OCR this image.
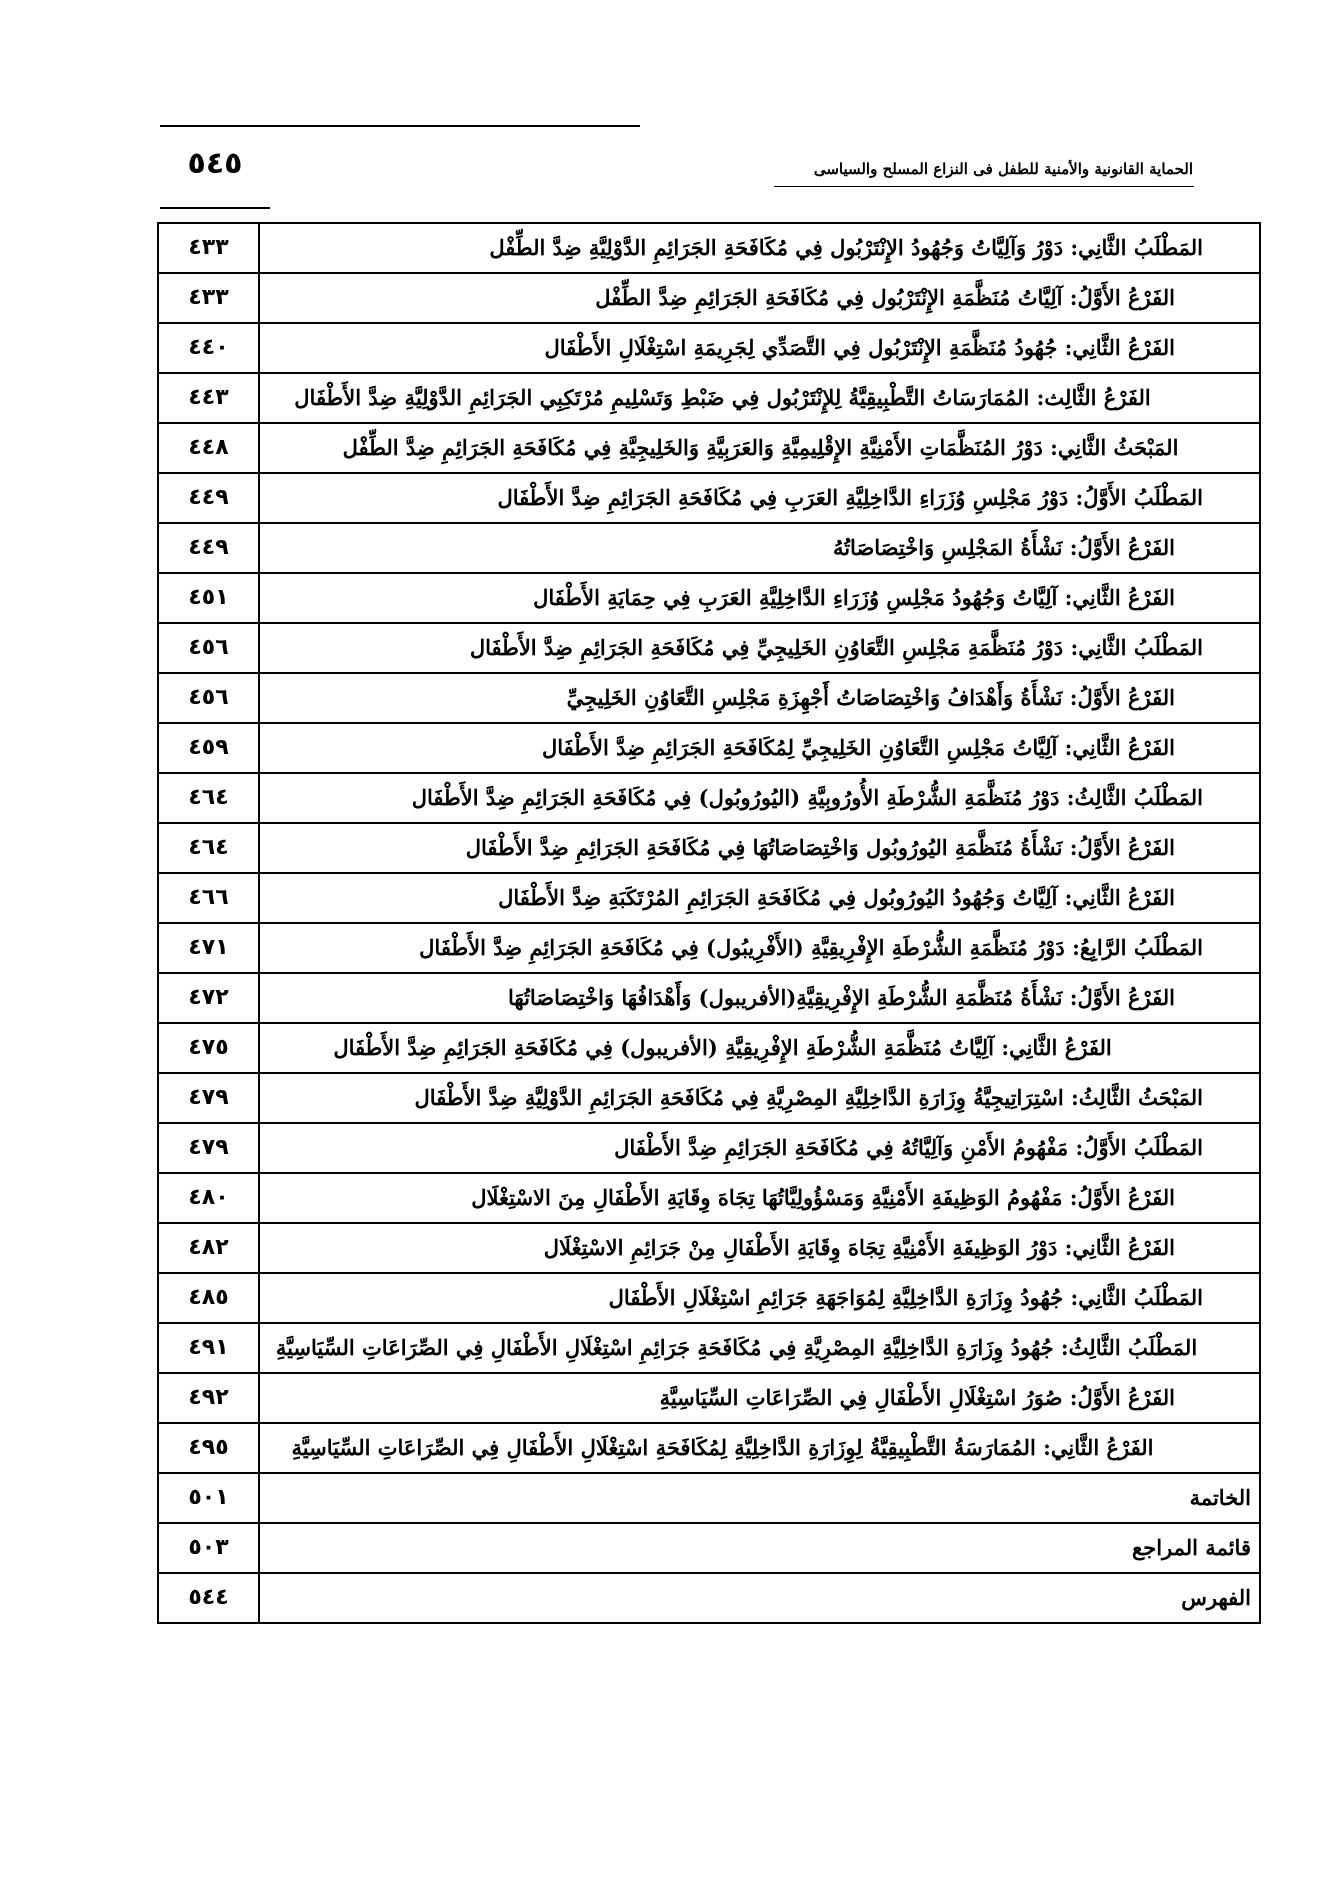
٥٤٥	الحماية القانونية والأمنية للطفل فى النزاع المسلح والسياسى
المَطْلَبُ الثَّانِي: دَوْرُ وَآلِيَّاتُ وَجُهُودُ الإِنْتَرْبُول فِي مُكَافَحَةِ الجَرَائِمِ الدَّوْلِيَّةِ ضِدَّ الطِّفْل	٤٣٣
الفَرْعُ الأَوَّلُ: آلِيَّاتُ مُنَظَّمَةِ الإِنْتَرْبُول فِي مُكَافَحَةِ الجَرَائِمِ ضِدَّ الطِّفْل	٤٣٣
الفَرْعُ الثَّانِي: جُهُودُ مُنَظَّمَةِ الإِنْتَرْبُول فِي التَّصَدِّي لِجَرِيمَةِ اسْتِغْلَالِ الأَطْفَال	٤٤٠
الفَرْعُ الثَّالِث: المُمَارَسَاتُ التَّطْبِيقِيَّةُ لِلإِنْتَرْبُول فِي ضَبْطِ وَتَسْلِيمِ مُرْتَكِبِي الجَرَائِمِ الدَّوْلِيَّةِ ضِدَّ الأَطْفَال	٤٤٣
المَبْحَثُ الثَّانِي: دَوْرُ المُنَظَّمَاتِ الأَمْنِيَّةِ الإِقْلِيمِيَّةِ وَالعَرَبِيَّةِ وَالخَلِيجِيَّةِ فِي مُكَافَحَةِ الجَرَائِمِ ضِدَّ الطِّفْل	٤٤٨
المَطْلَبُ الأَوَّلُ: دَوْرُ مَجْلِسِ وُزَرَاءِ الدَّاخِلِيَّةِ العَرَبِ فِي مُكَافَحَةِ الجَرَائِمِ ضِدَّ الأَطْفَال	٤٤٩
الفَرْعُ الأَوَّلُ: نَشْأَةُ المَجْلِسِ وَاخْتِصَاصَاتُهُ	٤٤٩
الفَرْعُ الثَّانِي: آلِيَّاتُ وَجُهُودُ مَجْلِسِ وُزَرَاءِ الدَّاخِلِيَّةِ العَرَبِ فِي حِمَايَةِ الأَطْفَال	٤٥١
المَطْلَبُ الثَّانِي: دَوْرُ مُنَظَّمَةِ مَجْلِسِ التَّعَاوُنِ الخَلِيجِيِّ فِي مُكَافَحَةِ الجَرَائِمِ ضِدَّ الأَطْفَال	٤٥٦
الفَرْعُ الأَوَّلُ: نَشْأَةُ وَأَهْدَافُ وَاخْتِصَاصَاتُ أَجْهِزَةِ مَجْلِسِ التَّعَاوُنِ الخَلِيجِيِّ	٤٥٦
الفَرْعُ الثَّانِي: آلِيَّاتُ مَجْلِسِ التَّعَاوُنِ الخَلِيجِيِّ لِمُكَافَحَةِ الجَرَائِمِ ضِدَّ الأَطْفَال	٤٥٩
المَطْلَبُ الثَّالِثُ: دَوْرُ مُنَظَّمَةِ الشُّرْطَةِ الأُورُوبِيَّةِ (اليُورُوبُول) فِي مُكَافَحَةِ الجَرَائِمِ ضِدَّ الأَطْفَال	٤٦٤
الفَرْعُ الأَوَّلُ: نَشْأَةُ مُنَظَّمَةِ اليُورُوبُول وَاخْتِصَاصَاتُهَا فِي مُكَافَحَةِ الجَرَائِمِ ضِدَّ الأَطْفَال	٤٦٤
الفَرْعُ الثَّانِي: آلِيَّاتُ وَجُهُودُ اليُورُوبُول فِي مُكَافَحَةِ الجَرَائِمِ المُرْتَكَبَةِ ضِدَّ الأَطْفَال	٤٦٦
المَطْلَبُ الرَّابِعُ: دَوْرُ مُنَظَّمَةِ الشُّرْطَةِ الإِفْرِيقِيَّةِ (الأَفْرِيبُول) فِي مُكَافَحَةِ الجَرَائِمِ ضِدَّ الأَطْفَال	٤٧١
الفَرْعُ الأَوَّلُ: نَشْأَةُ مُنَظَّمَةِ الشُّرْطَةِ الإِفْرِيقِيَّةِ(الأفريبول) وَأَهْدَافُهَا وَاخْتِصَاصَاتُهَا	٤٧٢
الفَرْعُ الثَّانِي: آلِيَّاتُ مُنَظَّمَةِ الشُّرْطَةِ الإِفْرِيقِيَّةِ (الأفريبول) فِي مُكَافَحَةِ الجَرَائِمِ ضِدَّ الأَطْفَال	٤٧٥
المَبْحَثُ الثَّالِثُ: اسْتِرَاتِيجِيَّةُ وِزَارَةِ الدَّاخِلِيَّةِ المِصْرِيَّةِ فِي مُكَافَحَةِ الجَرَائِمِ الدَّوْلِيَّةِ ضِدَّ الأَطْفَال	٤٧٩
المَطْلَبُ الأَوَّلُ: مَفْهُومُ الأَمْنِ وَآلِيَّاتُهُ فِي مُكَافَحَةِ الجَرَائِمِ ضِدَّ الأَطْفَال	٤٧٩
الفَرْعُ الأَوَّلُ: مَفْهُومُ الوَظِيفَةِ الأَمْنِيَّةِ وَمَسْؤُولِيَّاتُهَا تِجَاهَ وِقَايَةِ الأَطْفَالِ مِنَ الاسْتِغْلَال	٤٨٠
الفَرْعُ الثَّانِي: دَوْرُ الوَظِيفَةِ الأَمْنِيَّةِ تِجَاهَ وِقَايَةِ الأَطْفَالِ مِنْ جَرَائِمِ الاسْتِغْلَال	٤٨٢
المَطْلَبُ الثَّانِي: جُهُودُ وِزَارَةِ الدَّاخِلِيَّةِ لِمُوَاجَهَةِ جَرَائِمِ اسْتِغْلَالِ الأَطْفَال	٤٨٥
المَطْلَبُ الثَّالِثُ: جُهُودُ وِزَارَةِ الدَّاخِلِيَّةِ المِصْرِيَّةِ فِي مُكَافَحَةِ جَرَائِمِ اسْتِغْلَالِ الأَطْفَالِ فِي الصِّرَاعَاتِ السِّيَاسِيَّةِ	٤٩١
الفَرْعُ الأَوَّلُ: صُوَرُ اسْتِغْلَالِ الأَطْفَالِ فِي الصِّرَاعَاتِ السِّيَاسِيَّةِ	٤٩٢
الفَرْعُ الثَّانِي: المُمَارَسَةُ التَّطْبِيقِيَّةُ لِوِزَارَةِ الدَّاخِلِيَّةِ لِمُكَافَحَةِ اسْتِغْلَالِ الأَطْفَالِ فِي الصِّرَاعَاتِ السِّيَاسِيَّةِ	٤٩٥
الخاتمة	٥٠١
قائمة المراجع	٥٠٣
الفهرس	٥٤٤
